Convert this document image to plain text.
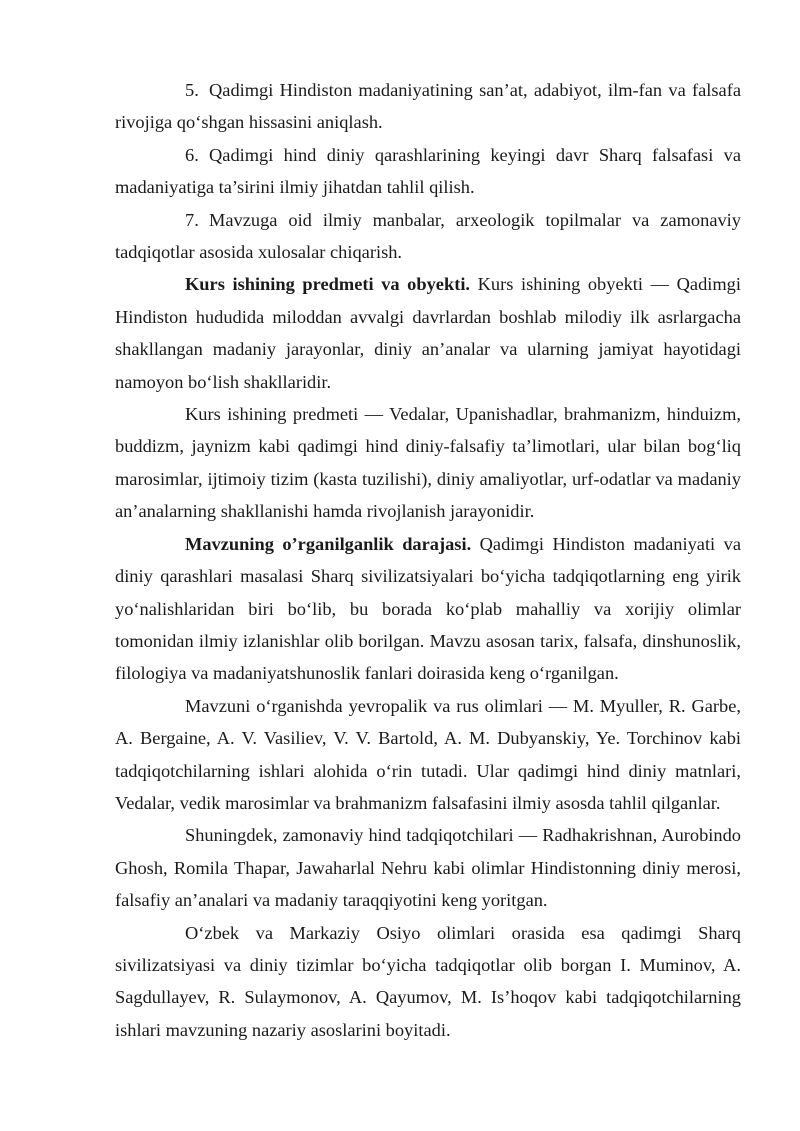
5. Qadimgi Hindiston madaniyatining san’at, adabiyot, ilm-fan va falsafa rivojiga qo‘shgan hissasini aniqlash.

6. Qadimgi hind diniy qarashlarining keyingi davr Sharq falsafasi va madaniyatiga ta’sirini ilmiy jihatdan tahlil qilish.

7. Mavzuga oid ilmiy manbalar, arxeologik topilmalar va zamonaviy tadqiqotlar asosida xulosalar chiqarish.

Kurs ishining predmeti va obyekti. Kurs ishining obyekti — Qadimgi Hindiston hududida miloddan avvalgi davrlardan boshlab milodiy ilk asrlargacha shakllangan madaniy jarayonlar, diniy an’analar va ularning jamiyat hayotidagi namoyon bo‘lish shakllaridir.

Kurs ishining predmeti — Vedalar, Upanishadlar, brahmanizm, hinduizm, buddizm, jaynizm kabi qadimgi hind diniy-falsafiy ta’limotlari, ular bilan bog‘liq marosimlar, ijtimoiy tizim (kasta tuzilishi), diniy amaliyotlar, urf-odatlar va madaniy an’analarning shakllanishi hamda rivojlanish jarayonidir.

Mavzuning o’rganilganlik darajasi. Qadimgi Hindiston madaniyati va diniy qarashlari masalasi Sharq sivilizatsiyalari bo‘yicha tadqiqotlarning eng yirik yo‘nalishlaridan biri bo‘lib, bu borada ko‘plab mahalliy va xorijiy olimlar tomonidan ilmiy izlanishlar olib borilgan. Mavzu asosan tarix, falsafa, dinshunoslik, filologiya va madaniyatshunoslik fanlari doirasida keng o‘rganilgan.

Mavzuni o‘rganishda yevropalik va rus olimlari — M. Myuller, R. Garbe, A. Bergaine, A. V. Vasiliev, V. V. Bartold, A. M. Dubyanskiy, Ye. Torchinov kabi tadqiqotchilarning ishlari alohida o‘rin tutadi. Ular qadimgi hind diniy matnlari, Vedalar, vedik marosimlar va brahmanizm falsafasini ilmiy asosda tahlil qilganlar.

Shuningdek, zamonaviy hind tadqiqotchilari — Radhakrishnan, Aurobindo Ghosh, Romila Thapar, Jawaharlal Nehru kabi olimlar Hindistonning diniy merosi, falsafiy an’analari va madaniy taraqqiyotini keng yoritgan.

O‘zbek va Markaziy Osiyo olimlari orasida esa qadimgi Sharq sivilizatsiyasi va diniy tizimlar bo‘yicha tadqiqotlar olib borgan I. Muminov, A. Sagdullayev, R. Sulaymonov, A. Qayumov, M. Is’hoqov kabi tadqiqotchilarning ishlari mavzuning nazariy asoslarini boyitadi.
